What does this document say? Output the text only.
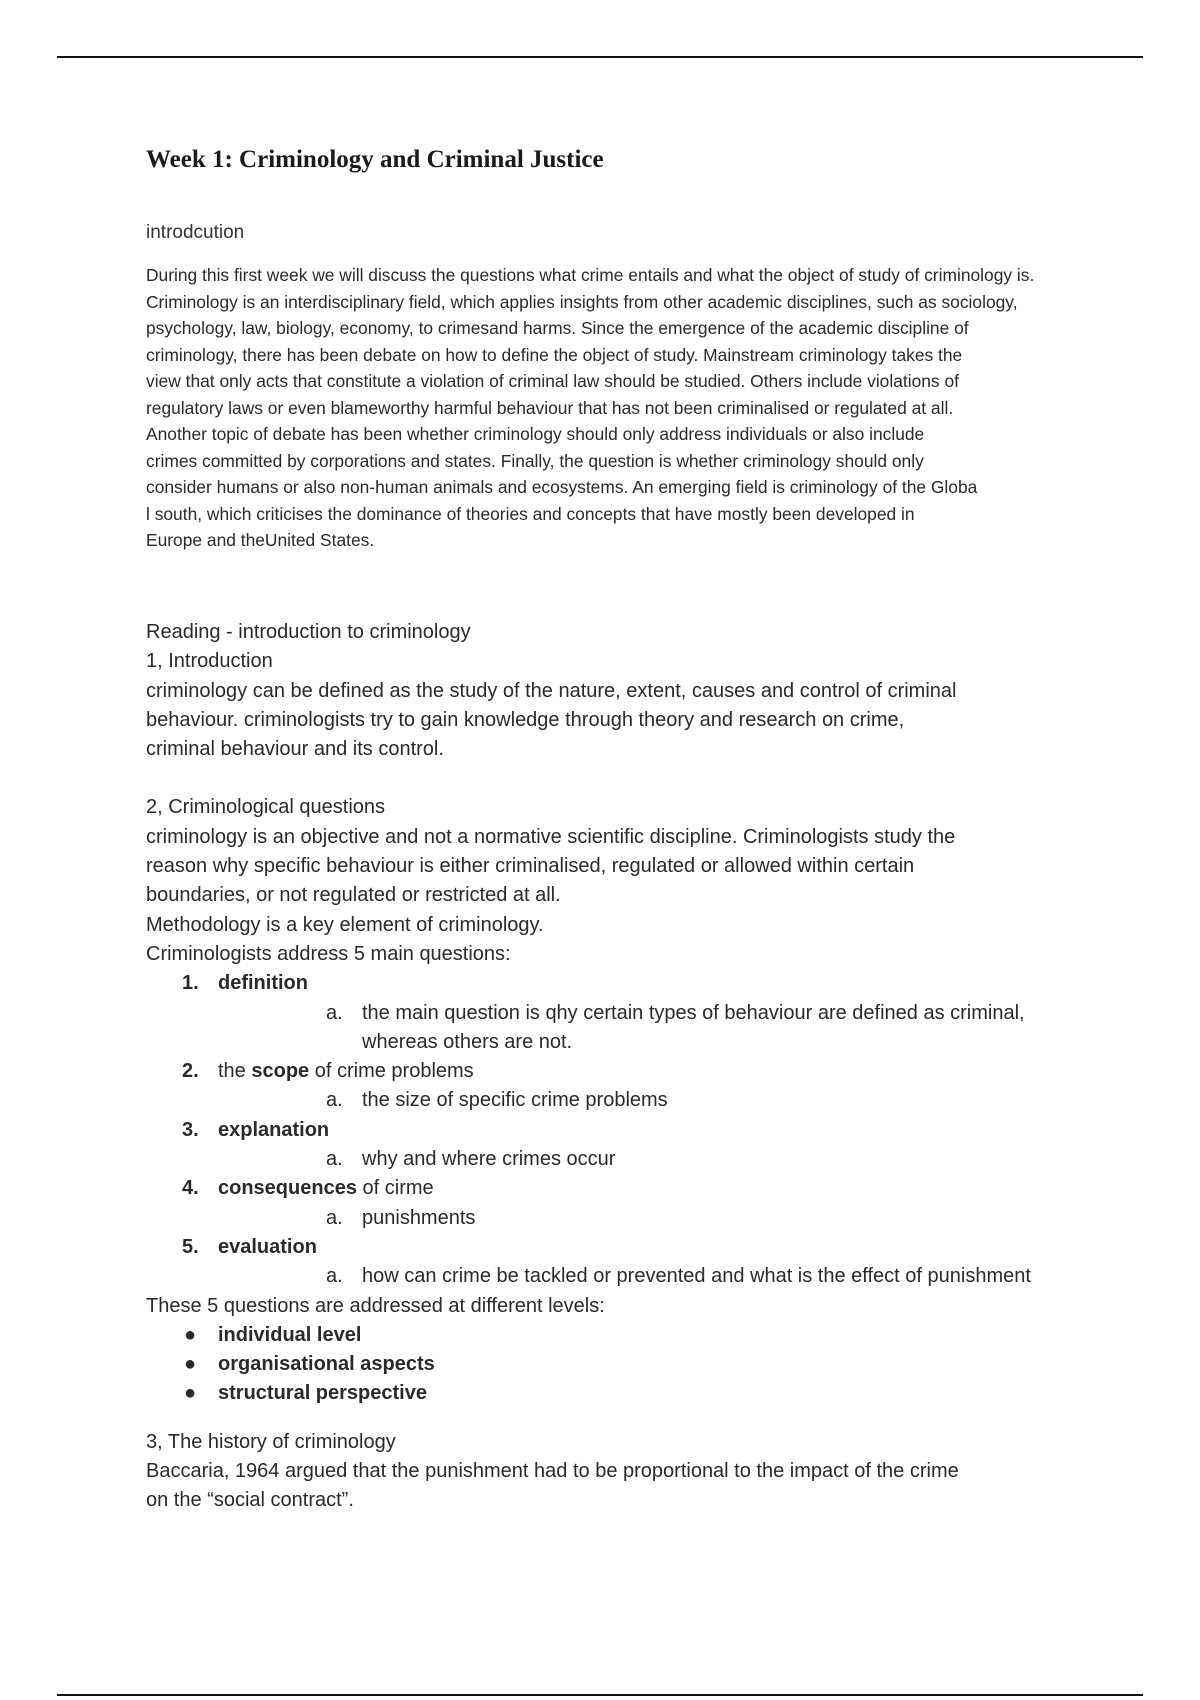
Week 1: Criminology and Criminal Justice
introdcution
During this first week we will discuss the questions what crime entails and what the object of study of criminology is.
Criminology is an interdisciplinary field, which applies insights from other academic disciplines, such as sociology,
psychology, law, biology, economy, to crimesand harms. Since the emergence of the academic discipline of
criminology, there has been debate on how to define the object of study. Mainstream criminology takes the
view that only acts that constitute a violation of criminal law should be studied. Others include violations of
regulatory laws or even blameworthy harmful behaviour that has not been criminalised or regulated at all.
Another topic of debate has been whether criminology should only address individuals or also include
crimes committed by corporations and states. Finally, the question is whether criminology should only
consider humans or also non-human animals and ecosystems. An emerging field is criminology of the Globa
l south, which criticises the dominance of theories and concepts that have mostly been developed in
Europe and theUnited States.
Reading - introduction to criminology
1, Introduction
criminology can be defined as the study of the nature, extent, causes and control of criminal
behaviour. criminologists try to gain knowledge through theory and research on crime,
criminal behaviour and its control.
2, Criminological questions
criminology is an objective and not a normative scientific discipline. Criminologists study the
reason why specific behaviour is either criminalised, regulated or allowed within certain
boundaries, or not regulated or restricted at all.
Methodology is a key element of criminology.
Criminologists address 5 main questions:
1. definition
a. the main question is qhy certain types of behaviour are defined as criminal,
whereas others are not.
2. the scope of crime problems
a. the size of specific crime problems
3. explanation
a. why and where crimes occur
4. consequences of cirme
a. punishments
5. evaluation
a. how can crime be tackled or prevented and what is the effect of punishment
These 5 questions are addressed at different levels:
● individual level
● organisational aspects
● structural perspective
3, The history of criminology
Baccaria, 1964 argued that the punishment had to be proportional to the impact of the crime
on the “social contract”.
